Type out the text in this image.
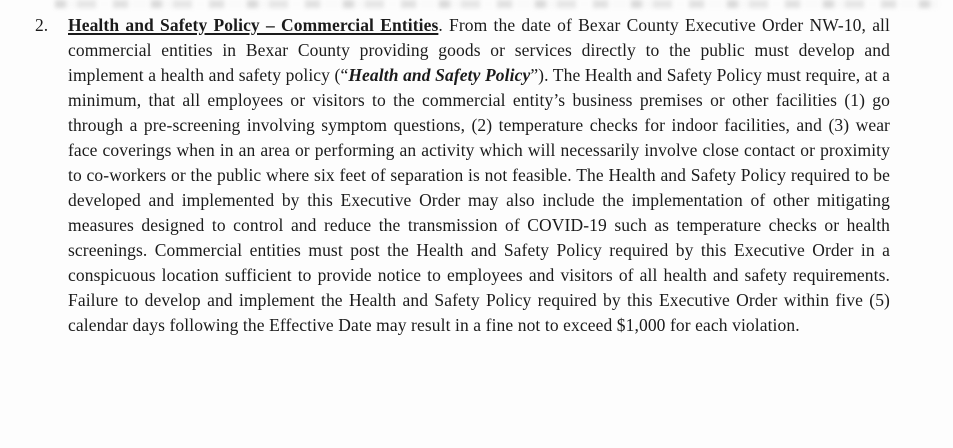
2.	Health and Safety Policy – Commercial Entities. From the date of Bexar County Executive Order NW-10, all commercial entities in Bexar County providing goods or services directly to the public must develop and implement a health and safety policy (“Health and Safety Policy”). The Health and Safety Policy must require, at a minimum, that all employees or visitors to the commercial entity’s business premises or other facilities (1) go through a pre-screening involving symptom questions, (2) temperature checks for indoor facilities, and (3) wear face coverings when in an area or performing an activity which will necessarily involve close contact or proximity to co-workers or the public where six feet of separation is not feasible. The Health and Safety Policy required to be developed and implemented by this Executive Order may also include the implementation of other mitigating measures designed to control and reduce the transmission of COVID-19 such as temperature checks or health screenings. Commercial entities must post the Health and Safety Policy required by this Executive Order in a conspicuous location sufficient to provide notice to employees and visitors of all health and safety requirements. Failure to develop and implement the Health and Safety Policy required by this Executive Order within five (5) calendar days following the Effective Date may result in a fine not to exceed $1,000 for each violation.
